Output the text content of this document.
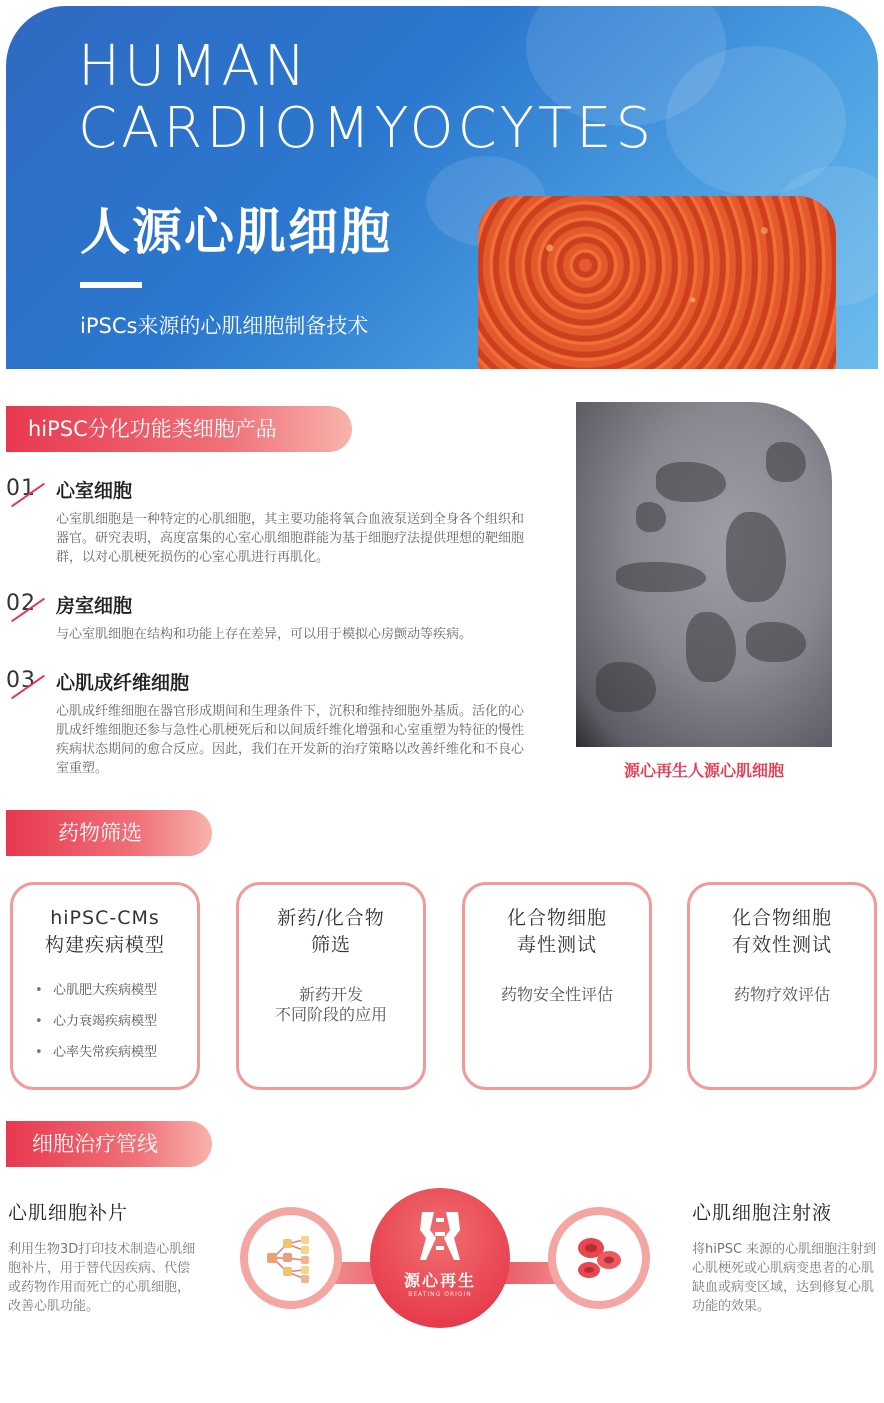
HUMAN
CARDIOMYOCYTES
人源心肌细胞
iPSCs来源的心肌细胞制备技术
hiPSC分化功能类细胞产品
01 心室细胞
心室肌细胞是一种特定的心肌细胞，其主要功能将氧合血液泵送到全身各个组织和器官。研究表明，高度富集的心室心肌细胞群能为基于细胞疗法提供理想的靶细胞群，以对心肌梗死损伤的心室心肌进行再肌化。
02 房室细胞
与心室肌细胞在结构和功能上存在差异，可以用于模拟心房颤动等疾病。
03 心肌成纤维细胞
心肌成纤维细胞在器官形成期间和生理条件下，沉积和维持细胞外基质。活化的心肌成纤维细胞还参与急性心肌梗死后和以间质纤维化增强和心室重塑为特征的慢性疾病状态期间的愈合反应。因此，我们在开发新的治疗策略以改善纤维化和不良心室重塑。	源心再生人源心肌细胞
药物筛选
hiPSC-CMs
构建疾病模型
• 心肌肥大疾病模型
• 心力衰竭疾病模型
• 心率失常疾病模型
新药/化合物
筛选
新药开发
不同阶段的应用
化合物细胞
毒性测试
药物安全性评估
化合物细胞
有效性测试
药物疗效评估
细胞治疗管线
心肌细胞补片
利用生物3D打印技术制造心肌细胞补片，用于替代因疾病、代偿或药物作用而死亡的心肌细胞，改善心肌功能。
心肌细胞注射液
将hiPSC 来源的心肌细胞注射到心肌梗死或心肌病变患者的心肌缺血或病变区域，达到修复心肌功能的效果。
源心再生
BEATING ORIGIN
